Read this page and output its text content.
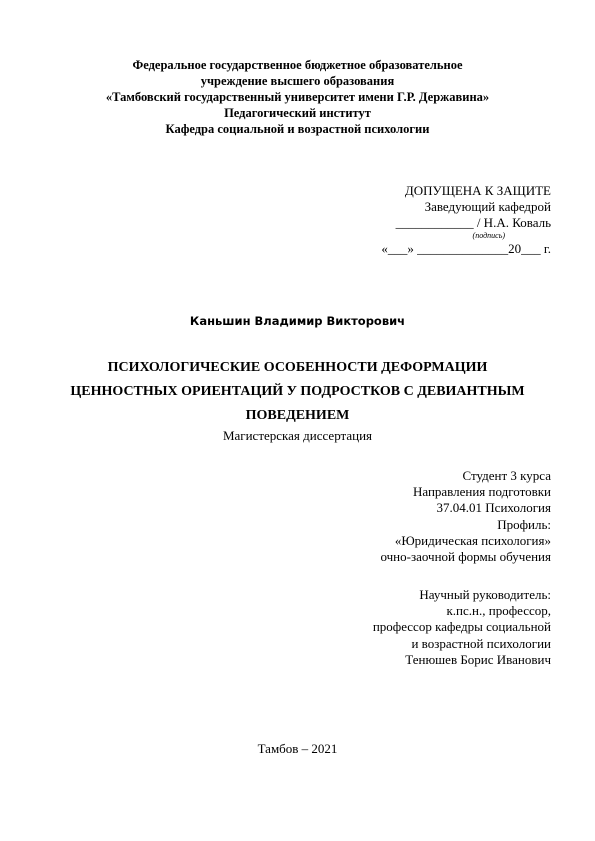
Федеральное государственное бюджетное образовательное
учреждение высшего образования
«Тамбовский государственный университет имени Г.Р. Державина»
Педагогический институт
Кафедра социальной и возрастной психологии
ДОПУЩЕНА К ЗАЩИТЕ
Заведующий кафедрой
____________ / Н.А. Коваль
(подпись)
«___» ______________20___ г.
Каньшин Владимир Викторович
ПСИХОЛОГИЧЕСКИЕ ОСОБЕННОСТИ ДЕФОРМАЦИИ
ЦЕННОСТНЫХ ОРИЕНТАЦИЙ У ПОДРОСТКОВ С ДЕВИАНТНЫМ
ПОВЕДЕНИЕМ
Магистерская диссертация
Студент 3 курса
Направления подготовки
37.04.01 Психология
Профиль:
«Юридическая психология»
очно-заочной формы обучения
Научный руководитель:
к.пс.н., профессор,
профессор кафедры социальной
и возрастной психологии
Тенюшев Борис Иванович
Тамбов – 2021
